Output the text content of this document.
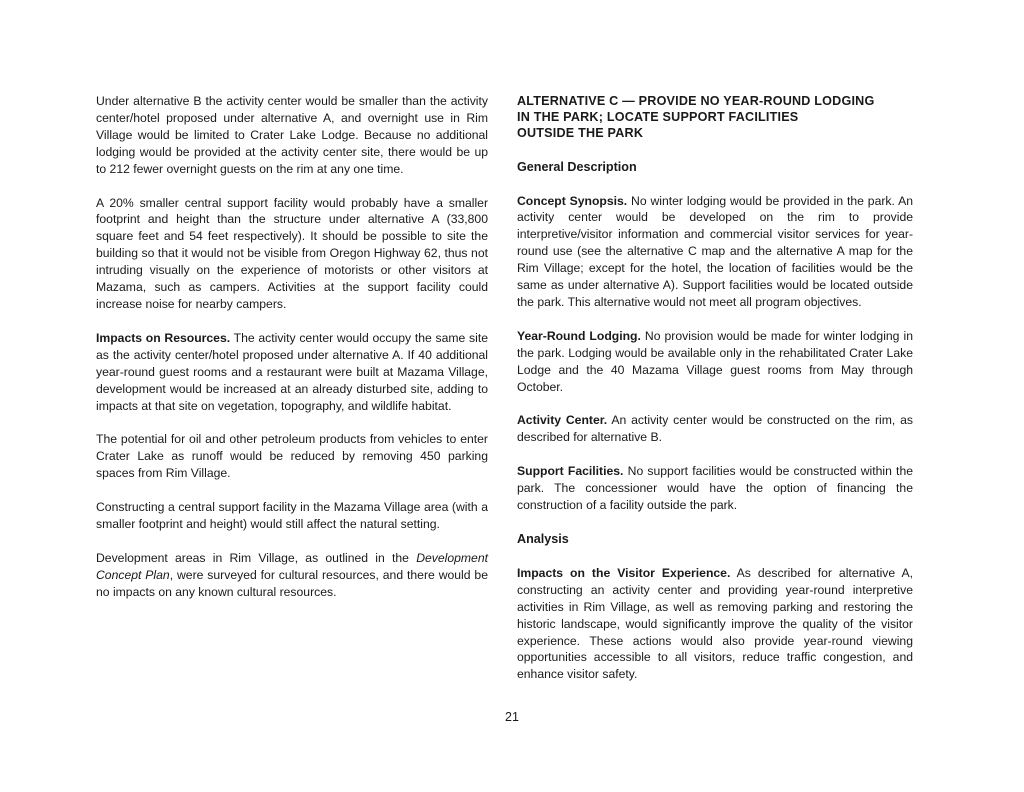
Under alternative B the activity center would be smaller than the activity center/hotel proposed under alternative A, and overnight use in Rim Village would be limited to Crater Lake Lodge. Because no additional lodging would be provided at the activity center site, there would be up to 212 fewer overnight guests on the rim at any one time.

A 20% smaller central support facility would probably have a smaller footprint and height than the structure under alternative A (33,800 square feet and 54 feet respectively). It should be possible to site the building so that it would not be visible from Oregon Highway 62, thus not intruding visually on the experience of motorists or other visitors at Mazama, such as campers. Activities at the support facility could increase noise for nearby campers.

Impacts on Resources. The activity center would occupy the same site as the activity center/hotel proposed under alternative A. If 40 additional year-round guest rooms and a restaurant were built at Mazama Village, development would be increased at an already disturbed site, adding to impacts at that site on vegetation, topography, and wildlife habitat.

The potential for oil and other petroleum products from vehicles to enter Crater Lake as runoff would be reduced by removing 450 parking spaces from Rim Village.

Constructing a central support facility in the Mazama Village area (with a smaller footprint and height) would still affect the natural setting.

Development areas in Rim Village, as outlined in the Development Concept Plan, were surveyed for cultural resources, and there would be no impacts on any known cultural resources.

ALTERNATIVE C — PROVIDE NO YEAR-ROUND LODGING
IN THE PARK; LOCATE SUPPORT FACILITIES
OUTSIDE THE PARK
General Description

Concept Synopsis. No winter lodging would be provided in the park. An activity center would be developed on the rim to provide interpretive/visitor information and commercial visitor services for year-round use (see the alternative C map and the alternative A map for the Rim Village; except for the hotel, the location of facilities would be the same as under alternative A). Support facilities would be located outside the park. This alternative would not meet all program objectives.

Year-Round Lodging. No provision would be made for winter lodging in the park. Lodging would be available only in the rehabilitated Crater Lake Lodge and the 40 Mazama Village guest rooms from May through October.

Activity Center. An activity center would be constructed on the rim, as described for alternative B.

Support Facilities. No support facilities would be constructed within the park. The concessioner would have the option of financing the construction of a facility outside the park.

Analysis

Impacts on the Visitor Experience. As described for alternative A, constructing an activity center and providing year-round interpretive activities in Rim Village, as well as removing parking and restoring the historic landscape, would significantly improve the quality of the visitor experience. These actions would also provide year-round viewing opportunities accessible to all visitors, reduce traffic congestion, and enhance visitor safety.

21
